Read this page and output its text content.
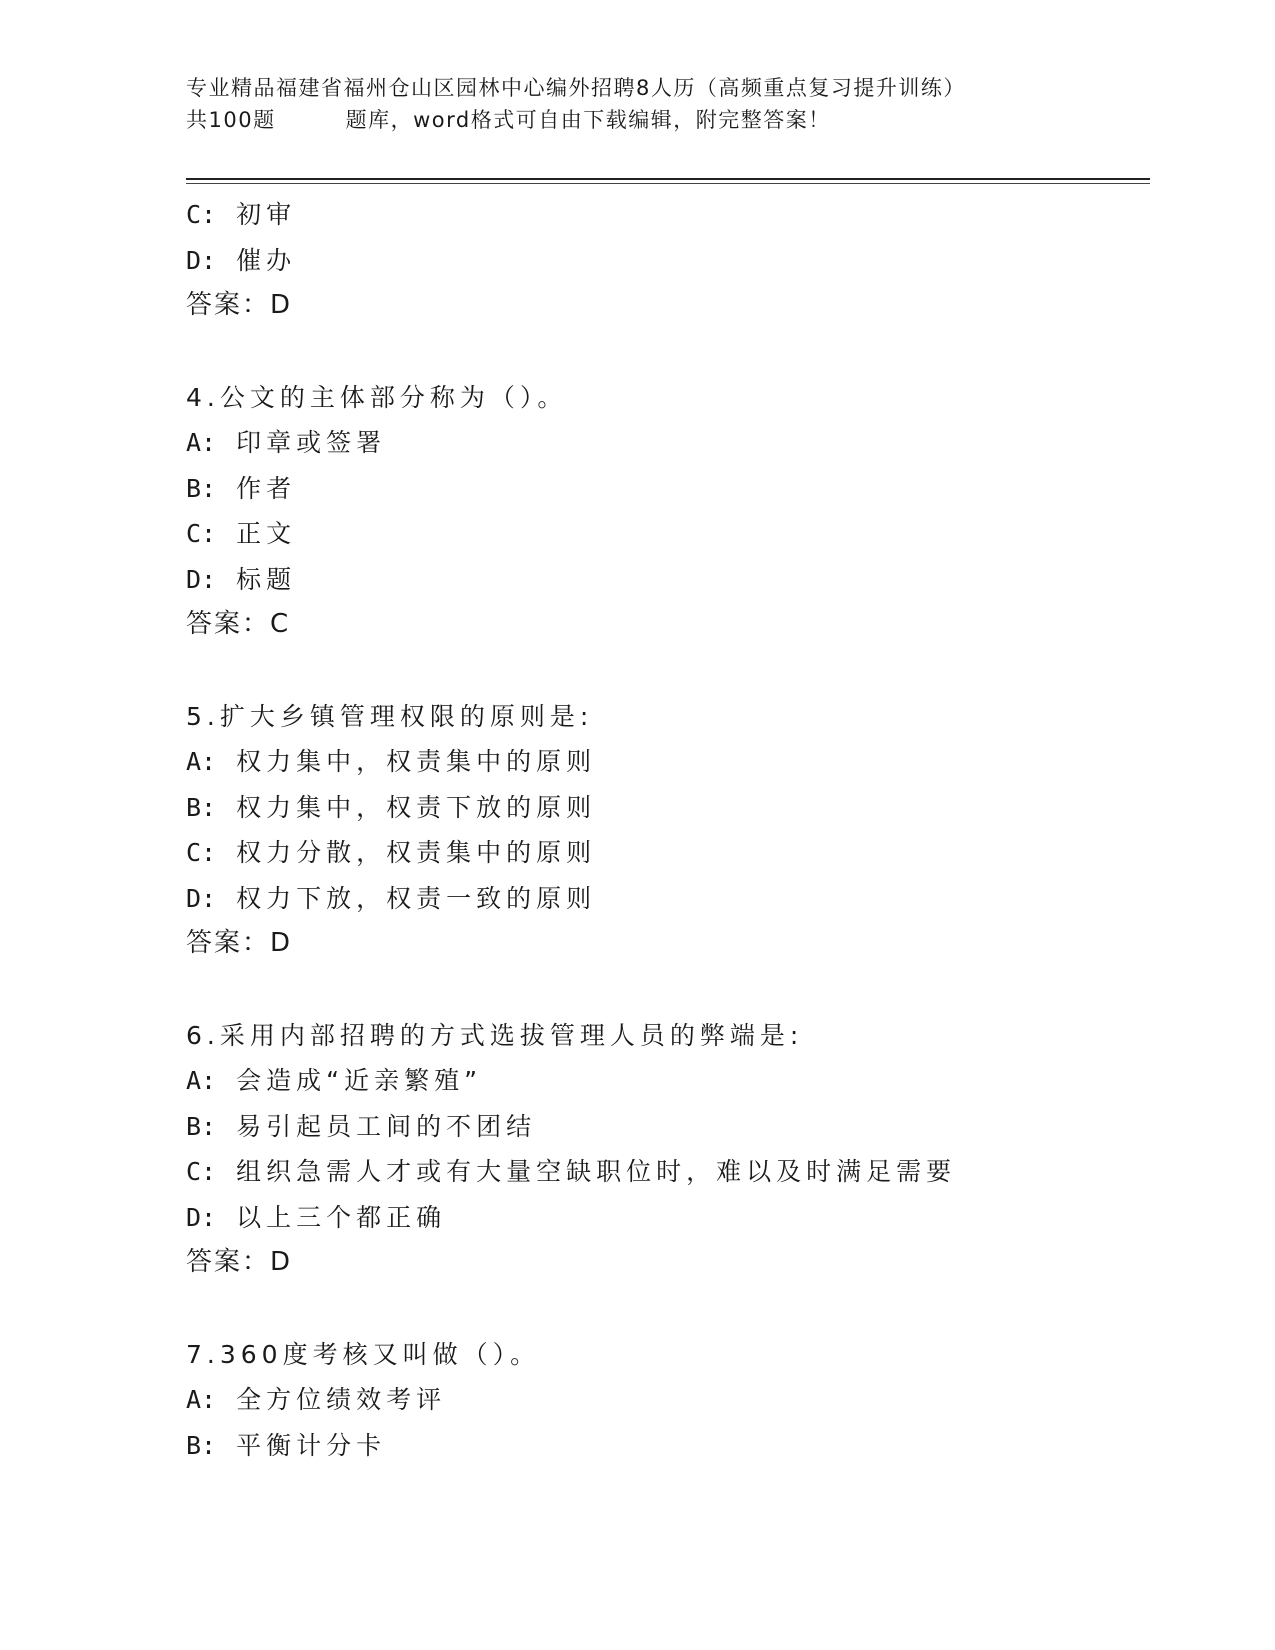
专业精品福建省福州仓山区园林中心编外招聘8人历（高频重点复习提升训练）
共100题	题库，word格式可自由下载编辑，附完整答案！
C: 初审
D: 催办
答案：D
4.公文的主体部分称为（）。
A: 印章或签署
B: 作者
C: 正文
D: 标题
答案：C
5.扩大乡镇管理权限的原则是:
A: 权力集中，权责集中的原则
B: 权力集中，权责下放的原则
C: 权力分散，权责集中的原则
D: 权力下放，权责一致的原则
答案：D
6.采用内部招聘的方式选拔管理人员的弊端是:
A: 会造成“近亲繁殖”
B: 易引起员工间的不团结
C: 组织急需人才或有大量空缺职位时，难以及时满足需要
D: 以上三个都正确
答案：D
7.360度考核又叫做（）。
A: 全方位绩效考评
B: 平衡计分卡
